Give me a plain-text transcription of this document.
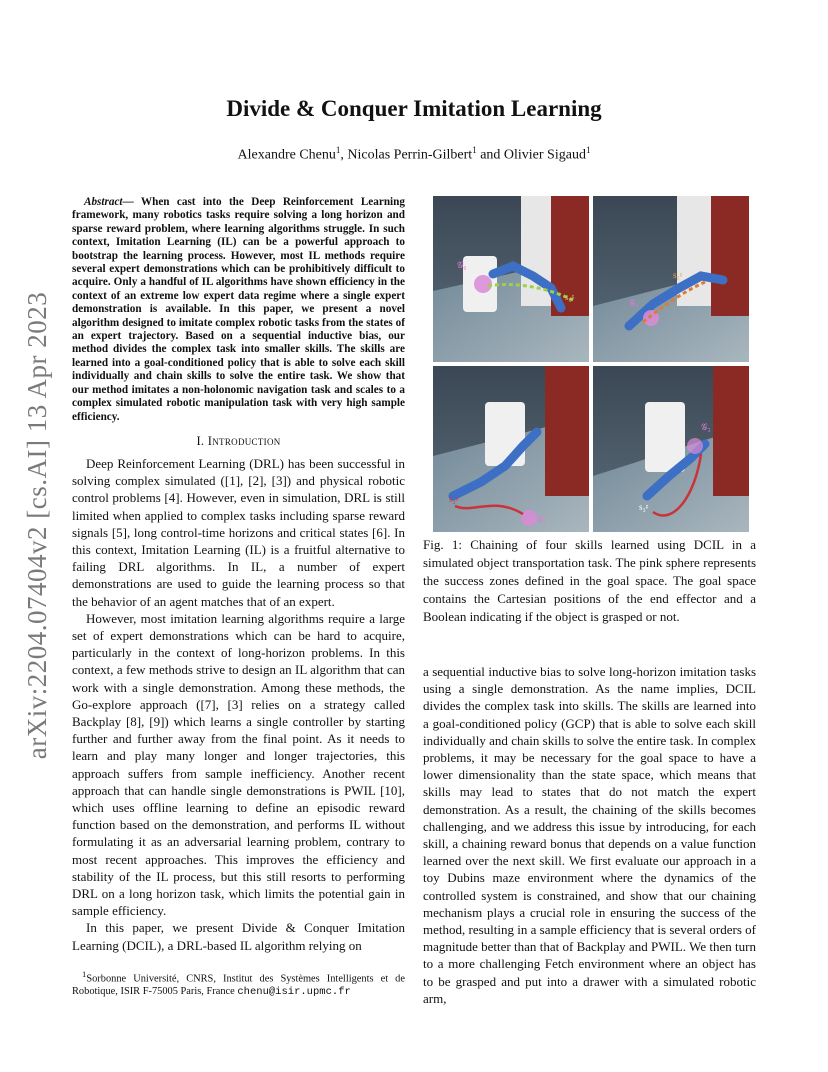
arXiv:2204.07404v2 [cs.AI] 13 Apr 2023
Divide & Conquer Imitation Learning
Alexandre Chenu$^1$, Nicolas Perrin-Gilbert$^1$ and Olivier Sigaud$^1$

Abstract— When cast into the Deep Reinforcement Learning framework, many robotics tasks require solving a long horizon and sparse reward problem, where learning algorithms struggle. In such context, Imitation Learning (IL) can be a powerful approach to bootstrap the learning process. However, most IL methods require several expert demonstrations which can be prohibitively difficult to acquire. Only a handful of IL algorithms have shown efficiency in the context of an extreme low expert data regime where a single expert demonstration is available. In this paper, we present a novel algorithm designed to imitate complex robotic tasks from the states of an expert trajectory. Based on a sequential inductive bias, our method divides the complex task into smaller skills. The skills are learned into a goal-conditioned policy that is able to solve each skill individually and chain skills to solve the entire task. We show that our method imitates a non-holonomic navigation task and scales to a complex simulated robotic manipulation task with very high sample efficiency.

I. Introduction

Deep Reinforcement Learning (DRL) has been successful in solving complex simulated ([1], [2], [3]) and physical robotic control problems [4]. However, even in simulation, DRL is still limited when applied to complex tasks including sparse reward signals [5], long control-time horizons and critical states [6]. In this context, Imitation Learning (IL) is a fruitful alternative to failing DRL algorithms. In IL, a number of expert demonstrations are used to guide the learning process so that the behavior of an agent matches that of an expert.

However, most imitation learning algorithms require a large set of expert demonstrations which can be hard to acquire, particularly in the context of long-horizon problems. In this context, a few methods strive to design an IL algorithm that can work with a single demonstration. Among these methods, the Go-explore approach ([7], [3] relies on a strategy called Backplay [8], [9]) which learns a single controller by starting further and further away from the final point. As it needs to learn and play many longer and longer trajectories, this approach suffers from sample inefficiency. Another recent approach that can handle single demonstrations is PWIL [10], which uses offline learning to define an episodic reward function based on the demonstration, and performs IL without formulating it as an adversarial learning problem, contrary to most recent approaches. This improves the efficiency and stability of the IL process, but this still resorts to performing DRL on a long horizon task, which limits the potential gain in sample efficiency.

In this paper, we present Divide & Conquer Imitation Learning (DCIL), a DRL-based IL algorithm relying on

$^1$Sorbonne Université, CNRS, Institut des Systèmes Intelligents et de Robotique, ISIR F-75005 Paris, France chenu@isir.upmc.fr
𝒢₀
s₀ᵍ
𝒢₁
s₁ᵍ
s₂ᵍ
𝒢₂
𝒢₃
s₃ᵍ
Fig. 1: Chaining of four skills learned using DCIL in a simulated object transportation task. The pink sphere represents the success zones defined in the goal space. The goal space contains the Cartesian positions of the end effector and a Boolean indicating if the object is grasped or not.

a sequential inductive bias to solve long-horizon imitation tasks using a single demonstration. As the name implies, DCIL divides the complex task into skills. The skills are learned into a goal-conditioned policy (GCP) that is able to solve each skill individually and chain skills to solve the entire task. In complex problems, it may be necessary for the goal space to have a lower dimensionality than the state space, which means that skills may lead to states that do not match the expert demonstration. As a result, the chaining of the skills becomes challenging, and we address this issue by introducing, for each skill, a chaining reward bonus that depends on a value function learned over the next skill. We first evaluate our approach in a toy Dubins maze environment where the dynamics of the controlled system is constrained, and show that our chaining mechanism plays a crucial role in ensuring the success of the method, resulting in a sample efficiency that is several orders of magnitude better than that of Backplay and PWIL. We then turn to a more challenging Fetch environment where an object has to be grasped and put into a drawer with a simulated robotic arm,
